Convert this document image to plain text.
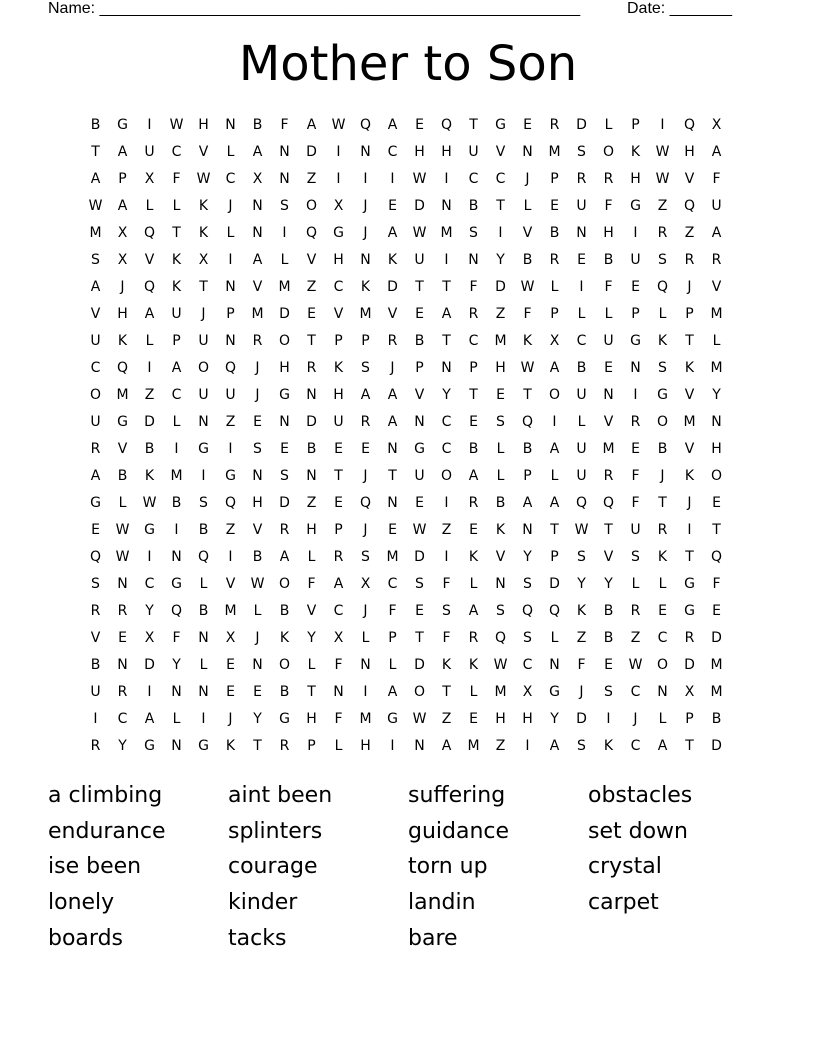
Name: ______________________________________________________	Date: _______
Mother to Son
B	G	I	W	H	N	B	F	A	W	Q	A	E	Q	T	G	E	R	D	L	P	I	Q	X
T	A	U	C	V	L	A	N	D	I	N	C	H	H	U	V	N	M	S	O	K	W	H	A
A	P	X	F	W	C	X	N	Z	I	I	I	W	I	C	C	J	P	R	R	H	W	V	F
W	A	L	L	K	J	N	S	O	X	J	E	D	N	B	T	L	E	U	F	G	Z	Q	U
M	X	Q	T	K	L	N	I	Q	G	J	A	W	M	S	I	V	B	N	H	I	R	Z	A
S	X	V	K	X	I	A	L	V	H	N	K	U	I	N	Y	B	R	E	B	U	S	R	R
A	J	Q	K	T	N	V	M	Z	C	K	D	T	T	F	D	W	L	I	F	E	Q	J	V
V	H	A	U	J	P	M	D	E	V	M	V	E	A	R	Z	F	P	L	L	P	L	P	M
U	K	L	P	U	N	R	O	T	P	P	R	B	T	C	M	K	X	C	U	G	K	T	L
C	Q	I	A	O	Q	J	H	R	K	S	J	P	N	P	H	W	A	B	E	N	S	K	M
O	M	Z	C	U	U	J	G	N	H	A	A	V	Y	T	E	T	O	U	N	I	G	V	Y
U	G	D	L	N	Z	E	N	D	U	R	A	N	C	E	S	Q	I	L	V	R	O	M	N
R	V	B	I	G	I	S	E	B	E	E	N	G	C	B	L	B	A	U	M	E	B	V	H
A	B	K	M	I	G	N	S	N	T	J	T	U	O	A	L	P	L	U	R	F	J	K	O
G	L	W	B	S	Q	H	D	Z	E	Q	N	E	I	R	B	A	A	Q	Q	F	T	J	E
E	W	G	I	B	Z	V	R	H	P	J	E	W	Z	E	K	N	T	W	T	U	R	I	T
Q	W	I	N	Q	I	B	A	L	R	S	M	D	I	K	V	Y	P	S	V	S	K	T	Q
S	N	C	G	L	V	W	O	F	A	X	C	S	F	L	N	S	D	Y	Y	L	L	G	F
R	R	Y	Q	B	M	L	B	V	C	J	F	E	S	A	S	Q	Q	K	B	R	E	G	E
V	E	X	F	N	X	J	K	Y	X	L	P	T	F	R	Q	S	L	Z	B	Z	C	R	D
B	N	D	Y	L	E	N	O	L	F	N	L	D	K	K	W	C	N	F	E	W	O	D	M
U	R	I	N	N	E	E	B	T	N	I	A	O	T	L	M	X	G	J	S	C	N	X	M
I	C	A	L	I	J	Y	G	H	F	M	G	W	Z	E	H	H	Y	D	I	J	L	P	B
R	Y	G	N	G	K	T	R	P	L	H	I	N	A	M	Z	I	A	S	K	C	A	T	D
a climbing	aint been	suffering	obstacles
endurance	splinters	guidance	set down
ise been	courage	torn up	crystal
lonely	kinder	landin	carpet
boards	tacks	bare
